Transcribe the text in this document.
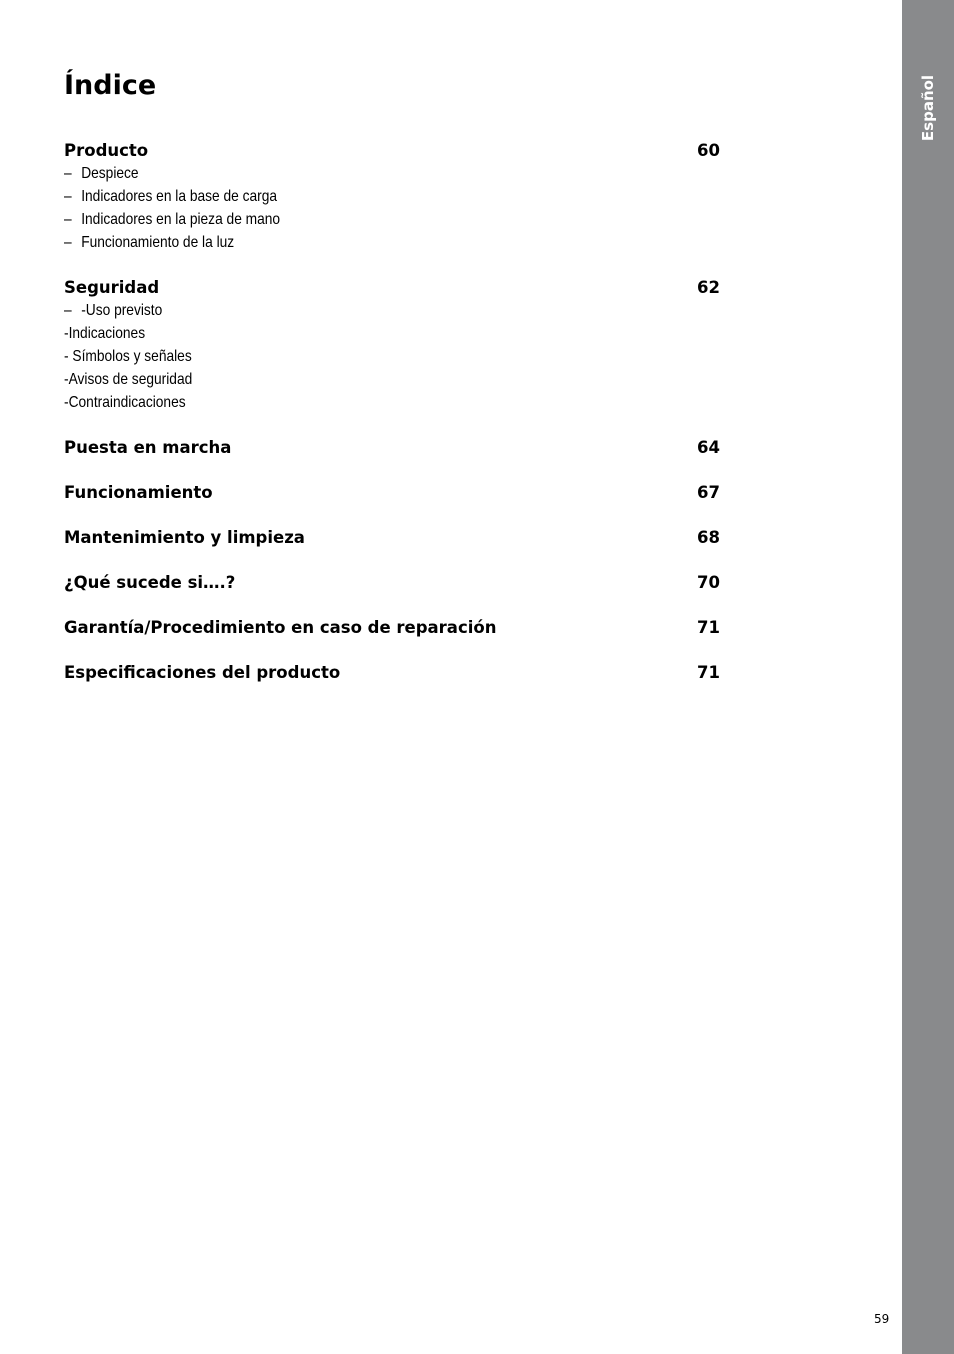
Español
Índice
Producto	60
– Despiece
– Indicadores en la base de carga
– Indicadores en la pieza de mano
– Funcionamiento de la luz
Seguridad	62
– -Uso previsto
-Indicaciones
- Símbolos y señales
-Avisos de seguridad
-Contraindicaciones
Puesta en marcha	64
Funcionamiento	67
Mantenimiento y limpieza	68
¿Qué sucede si….?	70
Garantía/Procedimiento en caso de reparación	71
Especificaciones del producto	71
59
